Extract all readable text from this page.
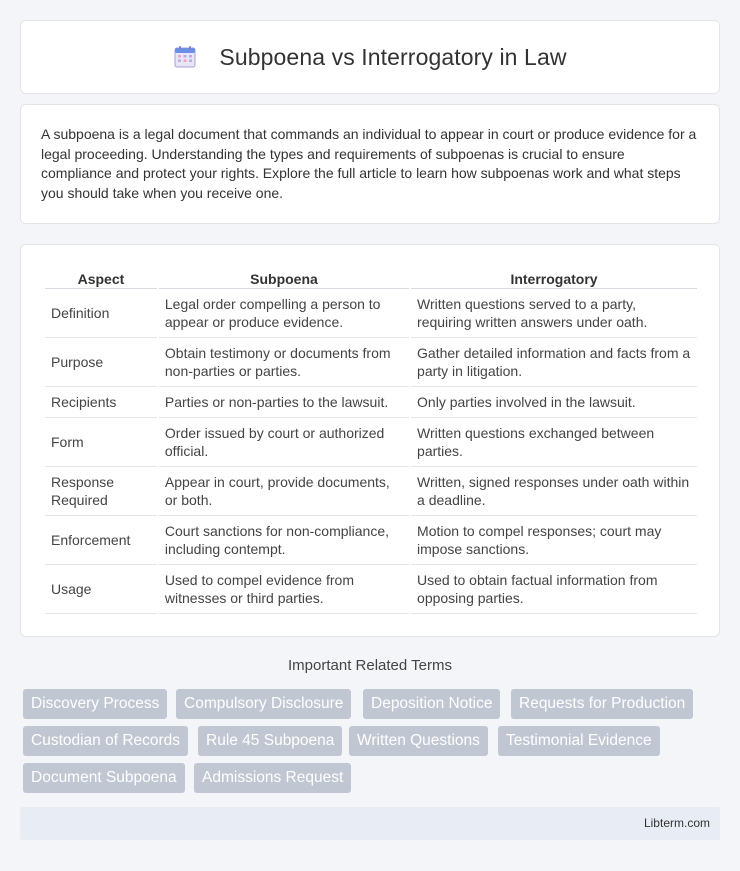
Subpoena vs Interrogatory in Law

A subpoena is a legal document that commands an individual to appear in court or produce evidence for a legal proceeding. Understanding the types and requirements of subpoenas is crucial to ensure compliance and protect your rights. Explore the full article to learn how subpoenas work and what steps you should take when you receive one.

Aspect	Subpoena	Interrogatory
Definition	Legal order compelling a person to appear or produce evidence.	Written questions served to a party, requiring written answers under oath.
Purpose	Obtain testimony or documents from non-parties or parties.	Gather detailed information and facts from a party in litigation.
Recipients	Parties or non-parties to the lawsuit.	Only parties involved in the lawsuit.
Form	Order issued by court or authorized official.	Written questions exchanged between parties.
Response Required	Appear in court, provide documents, or both.	Written, signed responses under oath within a deadline.
Enforcement	Court sanctions for non-compliance, including contempt.	Motion to compel responses; court may impose sanctions.
Usage	Used to compel evidence from witnesses or third parties.	Used to obtain factual information from opposing parties.
Important Related Terms
Discovery Process	Compulsory Disclosure	Deposition Notice	Requests for Production
Custodian of Records	Rule 45 Subpoena	Written Questions	Testimonial Evidence
Document Subpoena	Admissions Request
Libterm.com
